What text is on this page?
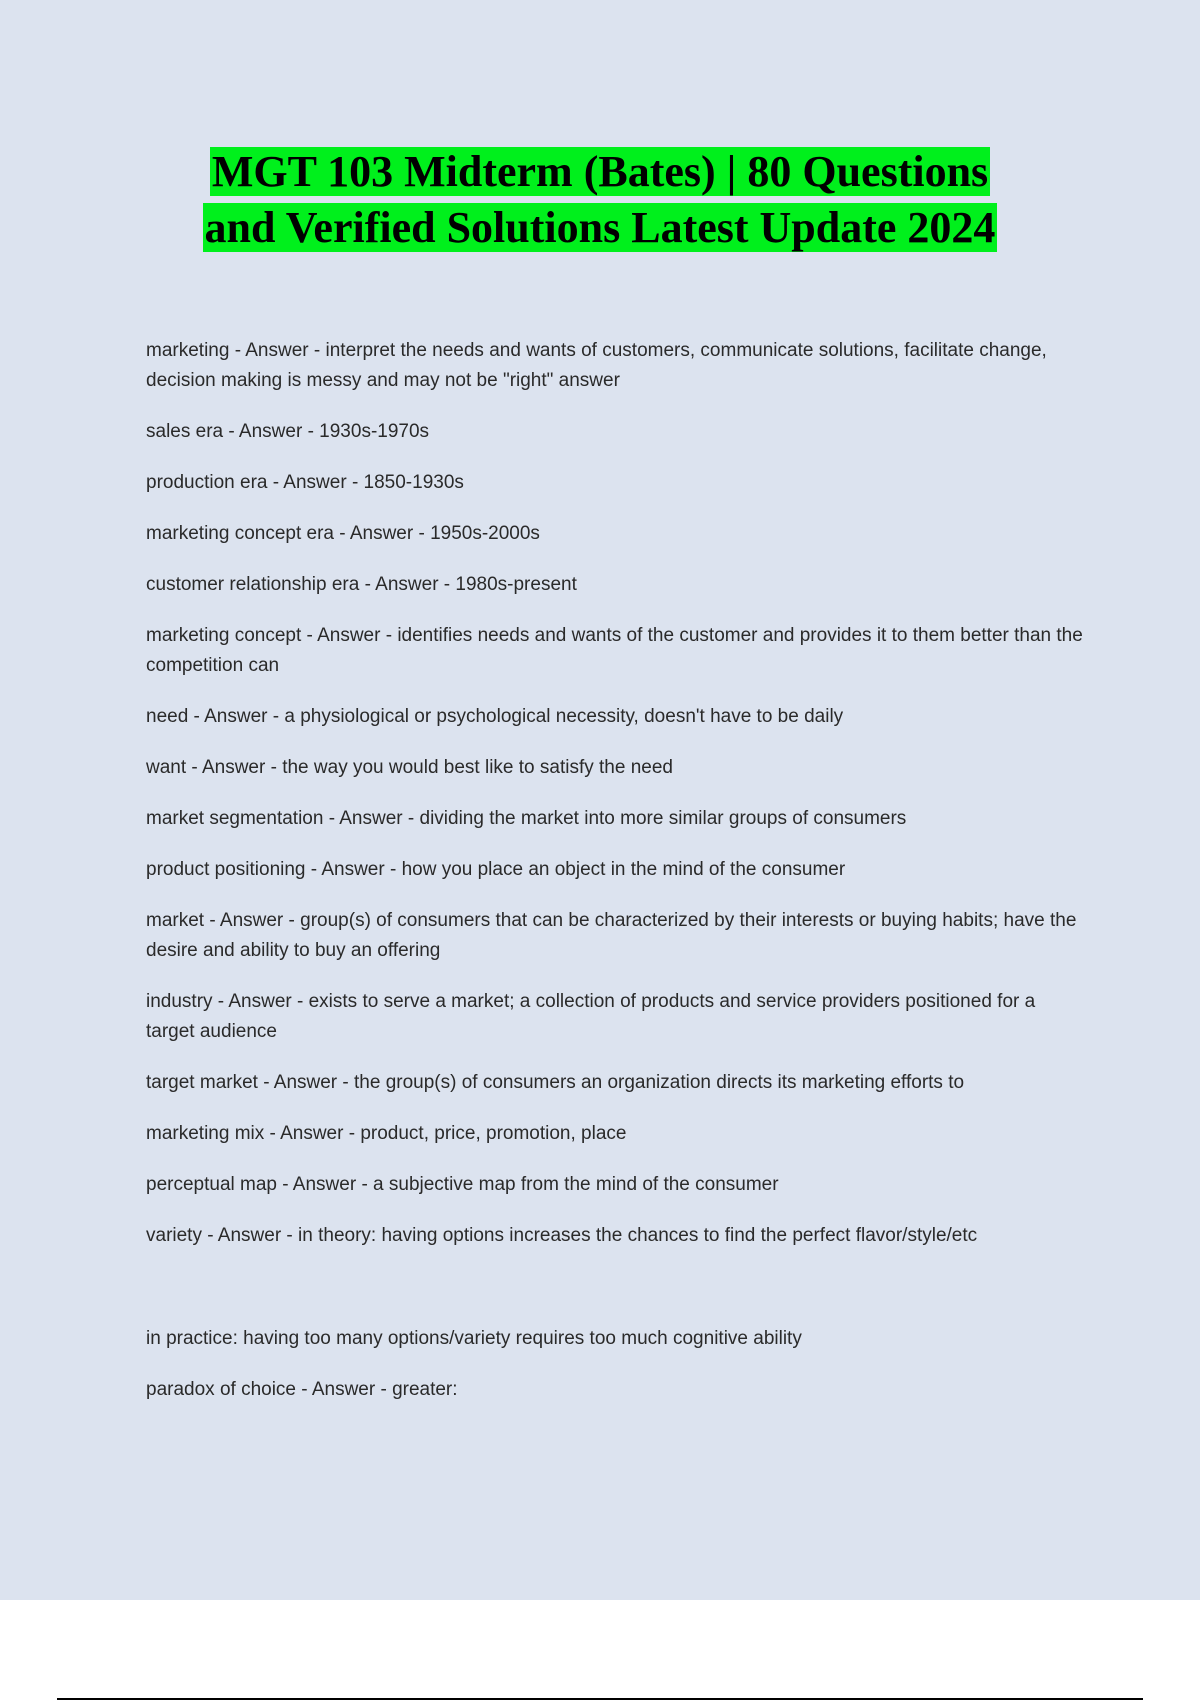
MGT 103 Midterm (Bates) | 80 Questions
and Verified Solutions Latest Update 2024
marketing - Answer - interpret the needs and wants of customers, communicate solutions, facilitate change, decision making is messy and may not be "right" answer
sales era - Answer - 1930s-1970s
production era - Answer - 1850-1930s
marketing concept era - Answer - 1950s-2000s
customer relationship era - Answer - 1980s-present
marketing concept - Answer - identifies needs and wants of the customer and provides it to them better than the competition can
need - Answer - a physiological or psychological necessity, doesn't have to be daily
want - Answer - the way you would best like to satisfy the need
market segmentation - Answer - dividing the market into more similar groups of consumers
product positioning - Answer - how you place an object in the mind of the consumer
market - Answer - group(s) of consumers that can be characterized by their interests or buying habits; have the desire and ability to buy an offering
industry - Answer - exists to serve a market; a collection of products and service providers positioned for a target audience
target market - Answer - the group(s) of consumers an organization directs its marketing efforts to
marketing mix - Answer - product, price, promotion, place
perceptual map - Answer - a subjective map from the mind of the consumer
variety - Answer - in theory: having options increases the chances to find the perfect flavor/style/etc
in practice: having too many options/variety requires too much cognitive ability
paradox of choice - Answer - greater:
